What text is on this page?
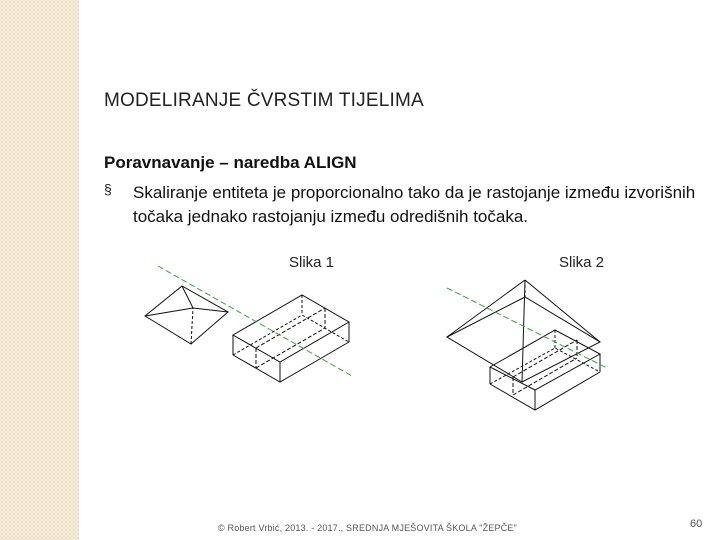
MODELIRANJE ČVRSTIM TIJELIMA
Poravnavanje – naredba ALIGN
§ Skaliranje entiteta je proporcionalno tako da je rastojanje između izvorišnih točaka jednako rastojanju između odredišnih točaka.
Slika 1	Slika 2
© Robert Vrbić, 2013. - 2017., SREDNJA MJEŠOVITA ŠKOLA "ŽEPČE"	60
